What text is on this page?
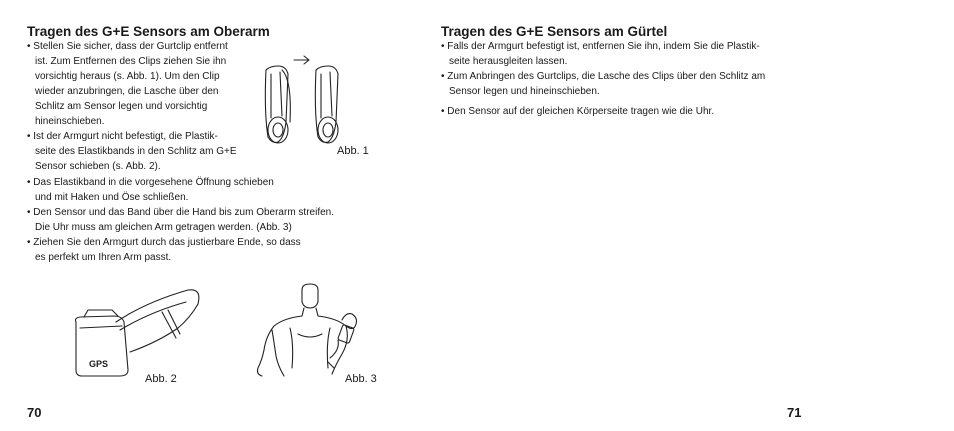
Tragen des G+E Sensors am Oberarm
• Stellen Sie sicher, dass der Gurtclip entfernt
ist. Zum Entfernen des Clips ziehen Sie ihn
vorsichtig heraus (s. Abb. 1). Um den Clip
wieder anzubringen, die Lasche über den
Schlitz am Sensor legen und vorsichtig
hineinschieben.
• Ist der Armgurt nicht befestigt, die Plastik-
seite des Elastikbands in den Schlitz am G+E
Sensor schieben (s. Abb. 2).
• Das Elastikband in die vorgesehene Öffnung schieben
und mit Haken und Öse schließen.
• Den Sensor und das Band über die Hand bis zum Oberarm streifen.
Die Uhr muss am gleichen Arm getragen werden. (Abb. 3)
• Ziehen Sie den Armgurt durch das justierbare Ende, so dass
es perfekt um Ihren Arm passt.
Abb. 1
GPS
Abb. 2	Abb. 3
70
Tragen des G+E Sensors am Gürtel
• Falls der Armgurt befestigt ist, entfernen Sie ihn, indem Sie die Plastik-
seite herausgleiten lassen.
• Zum Anbringen des Gurtclips, die Lasche des Clips über den Schlitz am
Sensor legen und hineinschieben.
• Den Sensor auf der gleichen Körperseite tragen wie die Uhr.
71
